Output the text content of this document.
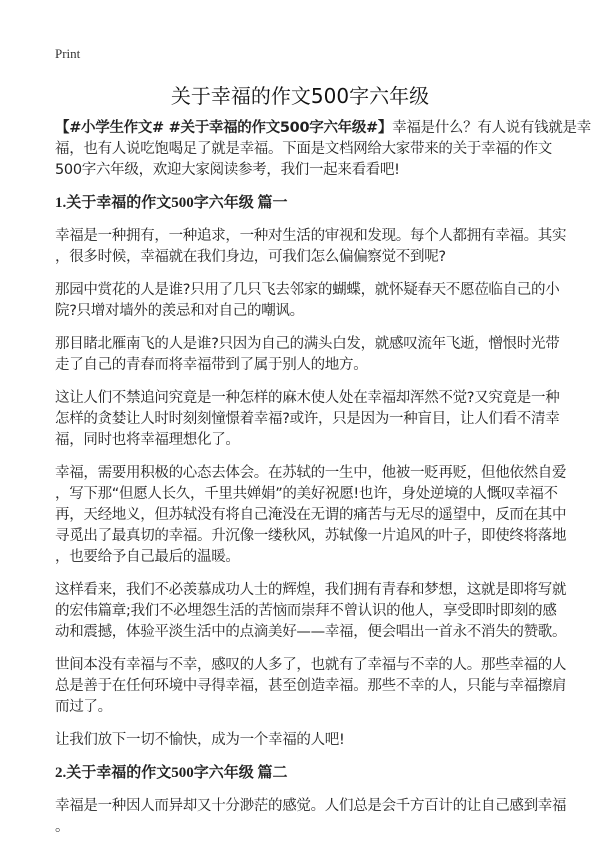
Print
关于幸福的作文500字六年级
【#小学生作文# #关于幸福的作文500字六年级#】幸福是什么？有人说有钱就是幸
福，也有人说吃饱喝足了就是幸福。下面是文档网给大家带来的关于幸福的作文
500字六年级，欢迎大家阅读参考，我们一起来看看吧!
1.关于幸福的作文500字六年级 篇一
幸福是一种拥有，一种追求，一种对生活的审视和发现。每个人都拥有幸福。其实
，很多时候，幸福就在我们身边，可我们怎么偏偏察觉不到呢?
那园中赏花的人是谁?只用了几只飞去邻家的蝴蝶，就怀疑春天不愿莅临自己的小
院?只增对墙外的羡忌和对自己的嘲讽。
那目睹北雁南飞的人是谁?只因为自己的满头白发，就感叹流年飞逝，憎恨时光带
走了自己的青春而将幸福带到了属于别人的地方。
这让人们不禁追问究竟是一种怎样的麻木使人处在幸福却浑然不觉?又究竟是一种
怎样的贪婪让人时时刻刻憧憬着幸福?或许，只是因为一种盲目，让人们看不清幸
福，同时也将幸福理想化了。
幸福，需要用积极的心态去体会。在苏轼的一生中，他被一贬再贬，但他依然自爱
，写下那“但愿人长久，千里共婵娟”的美好祝愿!也许，身处逆境的人慨叹幸福不
再，天经地义，但苏轼没有将自己淹没在无谓的痛苦与无尽的遥望中，反而在其中
寻觅出了最真切的幸福。升沉像一缕秋风，苏轼像一片追风的叶子，即使终将落地
，也要给予自己最后的温暖。
这样看来，我们不必羡慕成功人士的辉煌，我们拥有青春和梦想，这就是即将写就
的宏伟篇章;我们不必埋怨生活的苦恼而崇拜不曾认识的他人，享受即时即刻的感
动和震撼，体验平淡生活中的点滴美好——幸福，便会唱出一首永不消失的赞歌。
世间本没有幸福与不幸，感叹的人多了，也就有了幸福与不幸的人。那些幸福的人
总是善于在任何环境中寻得幸福，甚至创造幸福。那些不幸的人，只能与幸福擦肩
而过了。
让我们放下一切不愉快，成为一个幸福的人吧!
2.关于幸福的作文500字六年级 篇二
幸福是一种因人而异却又十分渺茫的感觉。人们总是会千方百计的让自己感到幸福
。
